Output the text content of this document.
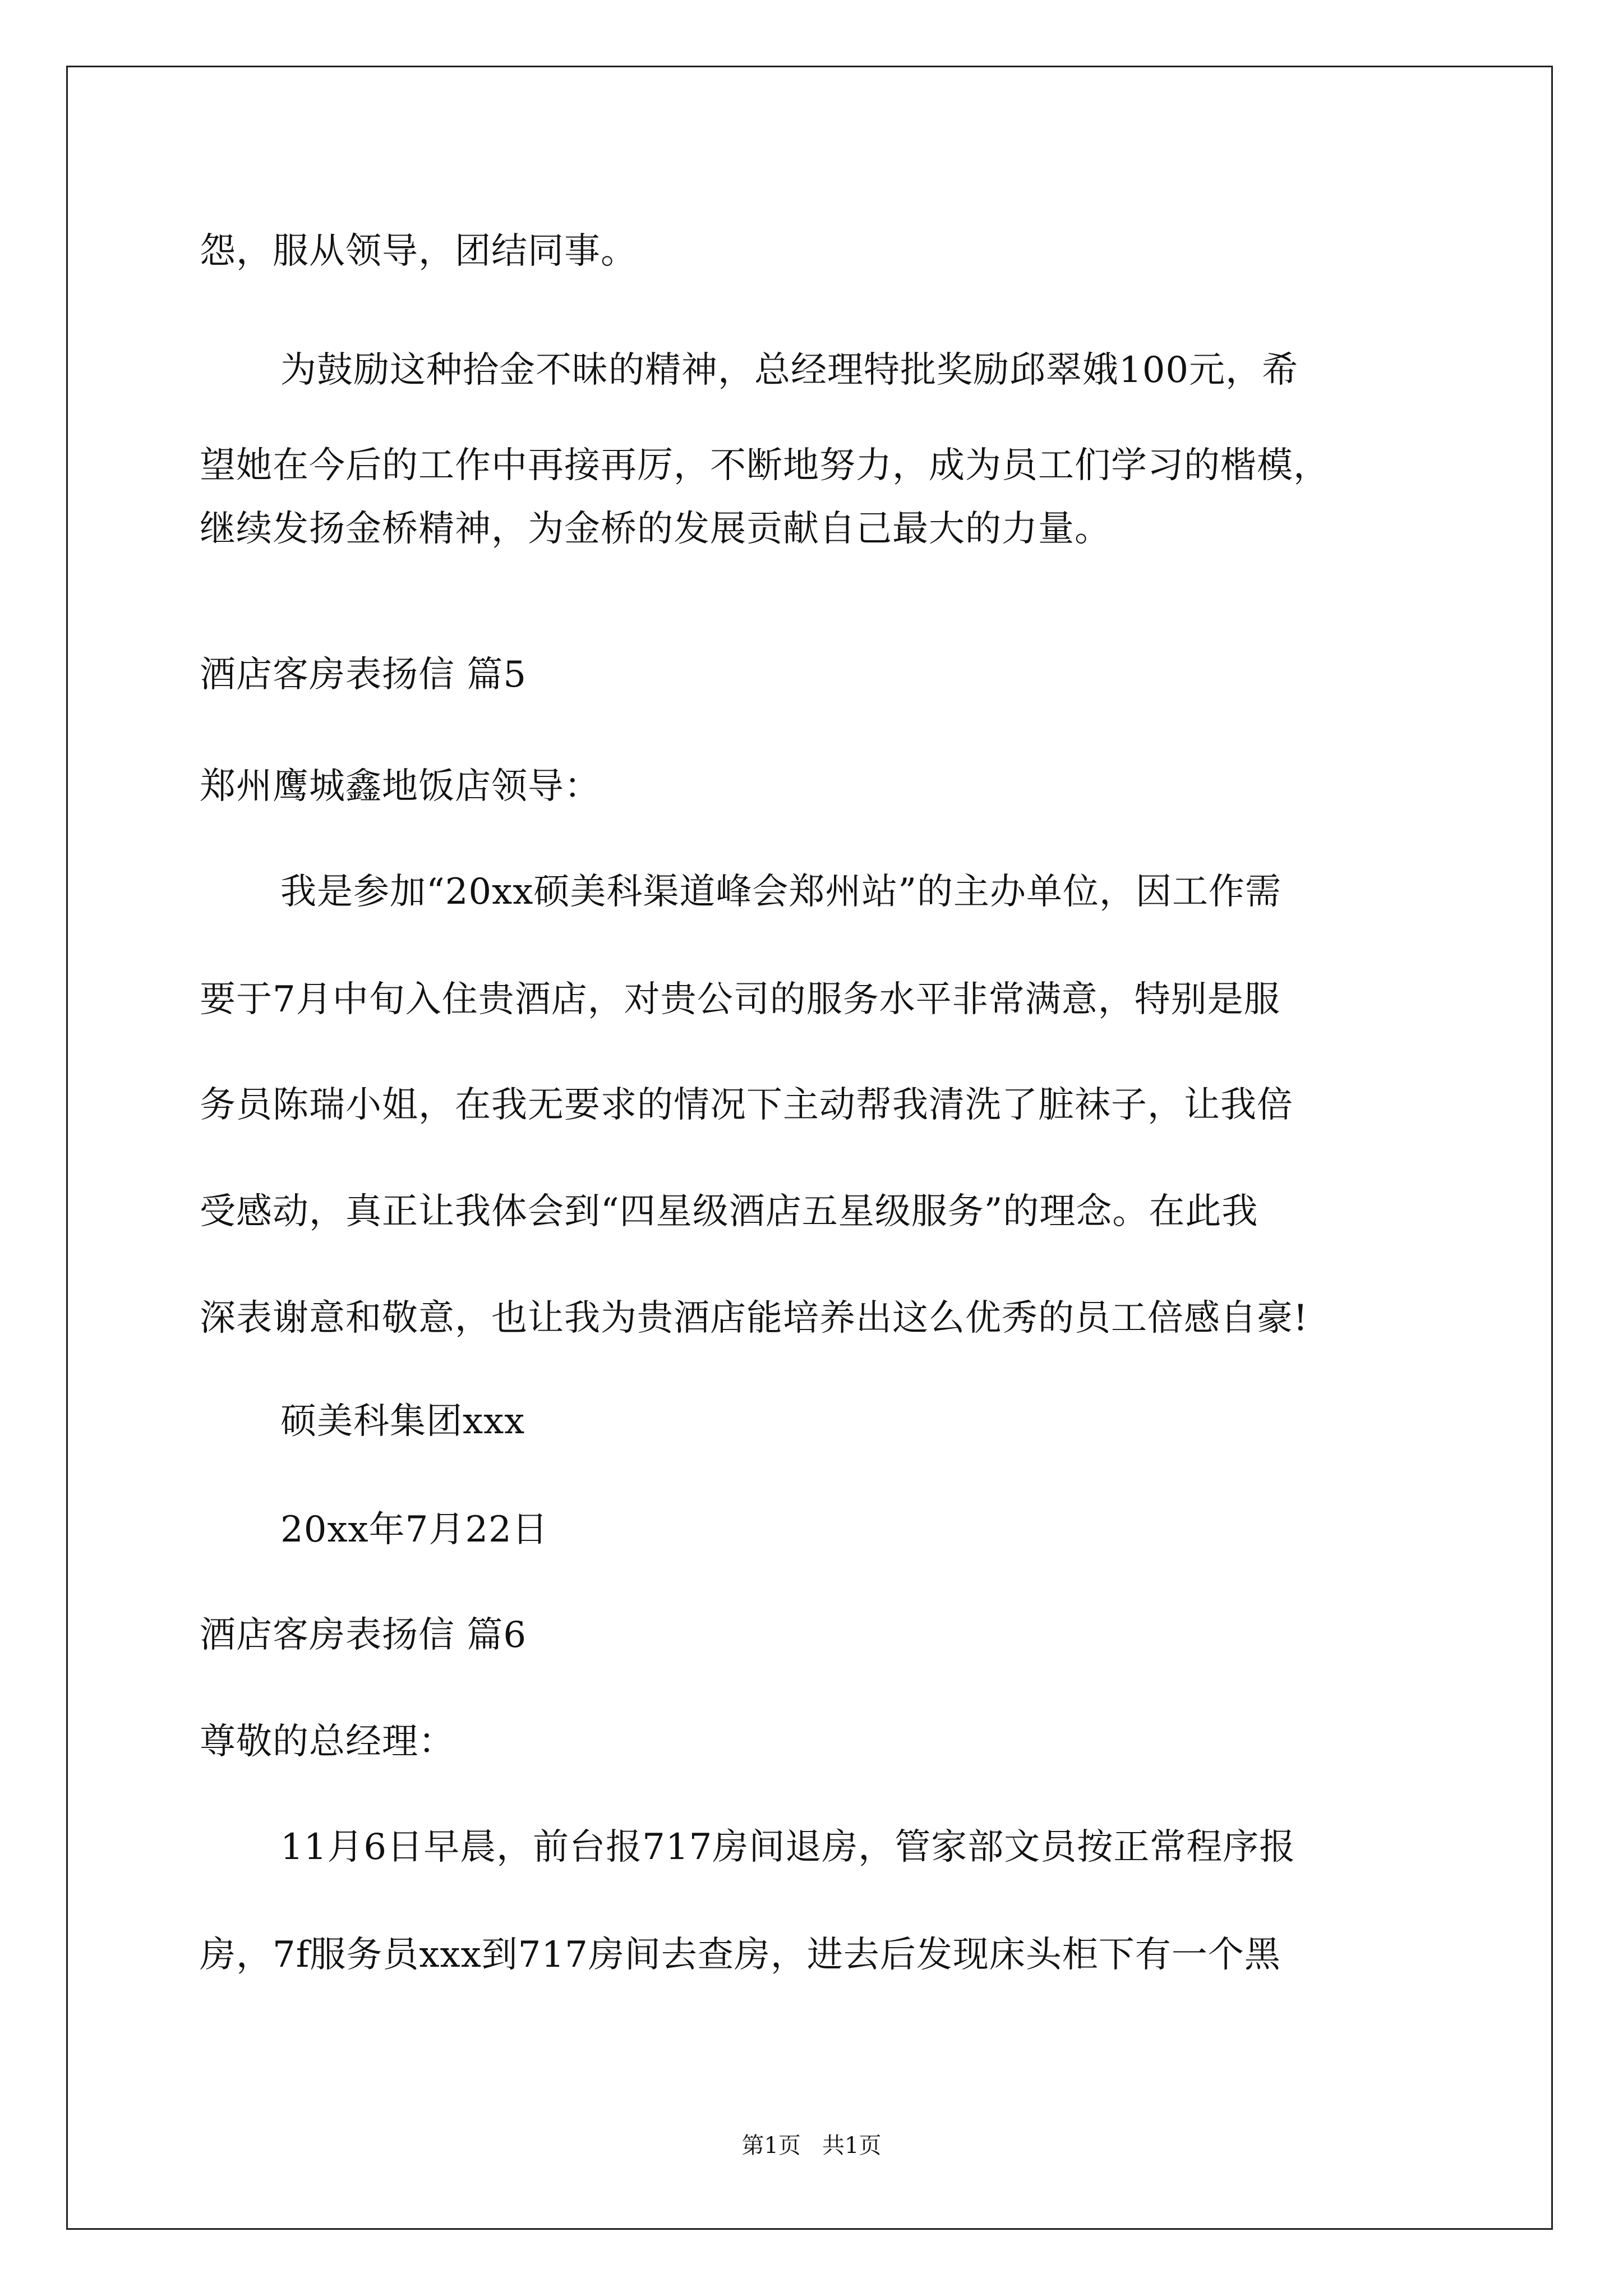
怨，服从领导，团结同事。
为鼓励这种拾金不昧的精神，总经理特批奖励邱翠娥100元，希
望她在今后的工作中再接再厉，不断地努力，成为员工们学习的楷模，
继续发扬金桥精神，为金桥的发展贡献自己最大的力量。
酒店客房表扬信 篇5
郑州鹰城鑫地饭店领导：
我是参加“20xx硕美科渠道峰会郑州站”的主办单位，因工作需
要于7月中旬入住贵酒店，对贵公司的服务水平非常满意，特别是服
务员陈瑞小姐，在我无要求的情况下主动帮我清洗了脏袜子，让我倍
受感动，真正让我体会到“四星级酒店五星级服务”的理念。在此我
深表谢意和敬意，也让我为贵酒店能培养出这么优秀的员工倍感自豪!
硕美科集团xxx
20xx年7月22日
酒店客房表扬信 篇6
尊敬的总经理：
11月6日早晨，前台报717房间退房，管家部文员按正常程序报
房，7f服务员xxx到717房间去查房，进去后发现床头柜下有一个黑
第1页   共1页
